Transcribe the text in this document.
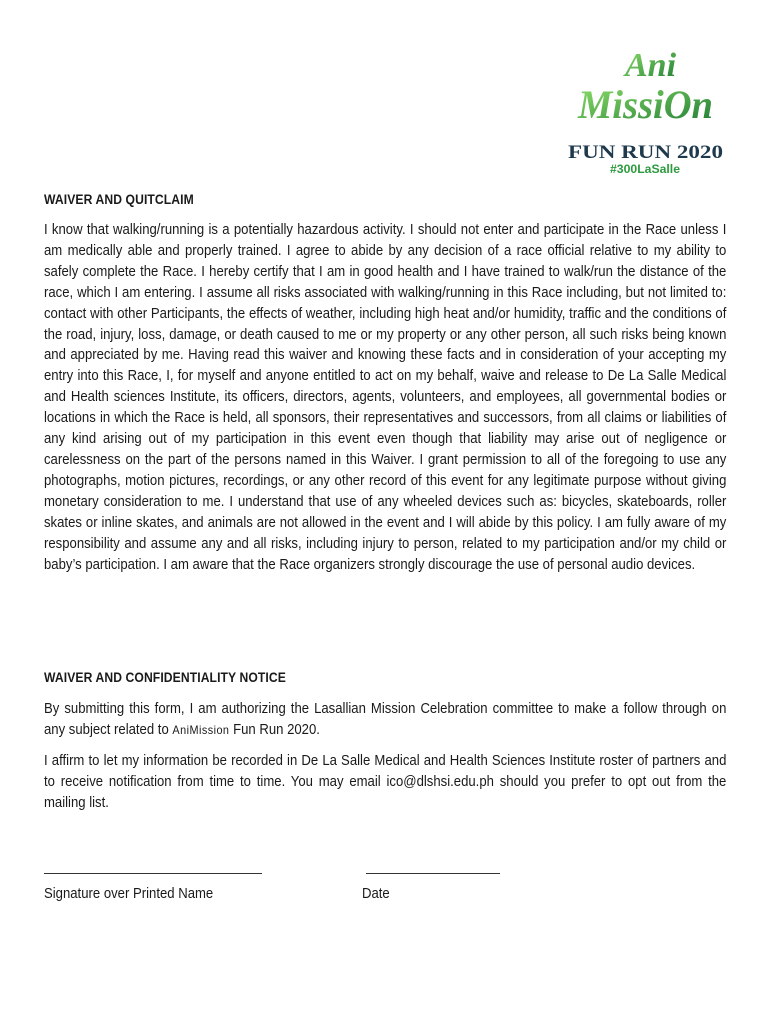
Ani
MissiOn
FUN RUN 2020
#300LaSalle
WAIVER AND QUITCLAIM
I know that walking/running is a potentially hazardous activity. I should not enter and participate in the Race unless I am medically able and properly trained. I agree to abide by any decision of a race official relative to my ability to safely complete the Race. I hereby certify that I am in good health and I have trained to walk/run the distance of the race, which I am entering. I assume all risks associated with walking/running in this Race including, but not limited to: contact with other Participants, the effects of weather, including high heat and/or humidity, traffic and the conditions of the road, injury, loss, damage, or death caused to me or my property or any other person, all such risks being known and appreciated by me. Having read this waiver and knowing these facts and in consideration of your accepting my entry into this Race, I, for myself and anyone entitled to act on my behalf, waive and release to De La Salle Medical and Health sciences Institute, its officers, directors, agents, volunteers, and employees, all governmental bodies or locations in which the Race is held, all sponsors, their representatives and successors, from all claims or liabilities of any kind arising out of my participation in this event even though that liability may arise out of negligence or carelessness on the part of the persons named in this Waiver. I grant permission to all of the foregoing to use any photographs, motion pictures, recordings, or any other record of this event for any legitimate purpose without giving monetary consideration to me. I understand that use of any wheeled devices such as: bicycles, skateboards, roller skates or inline skates, and animals are not allowed in the event and I will abide by this policy. I am fully aware of my responsibility and assume any and all risks, including injury to person, related to my participation and/or my child or baby’s participation. I am aware that the Race organizers strongly discourage the use of personal audio devices.
WAIVER AND CONFIDENTIALITY NOTICE
By submitting this form, I am authorizing the Lasallian Mission Celebration committee to make a follow through on any subject related to AniMission Fun Run 2020.
I affirm to let my information be recorded in De La Salle Medical and Health Sciences Institute roster of partners and to receive notification from time to time. You may email ico@dlshsi.edu.ph should you prefer to opt out from the mailing list.
Signature over Printed Name	Date
